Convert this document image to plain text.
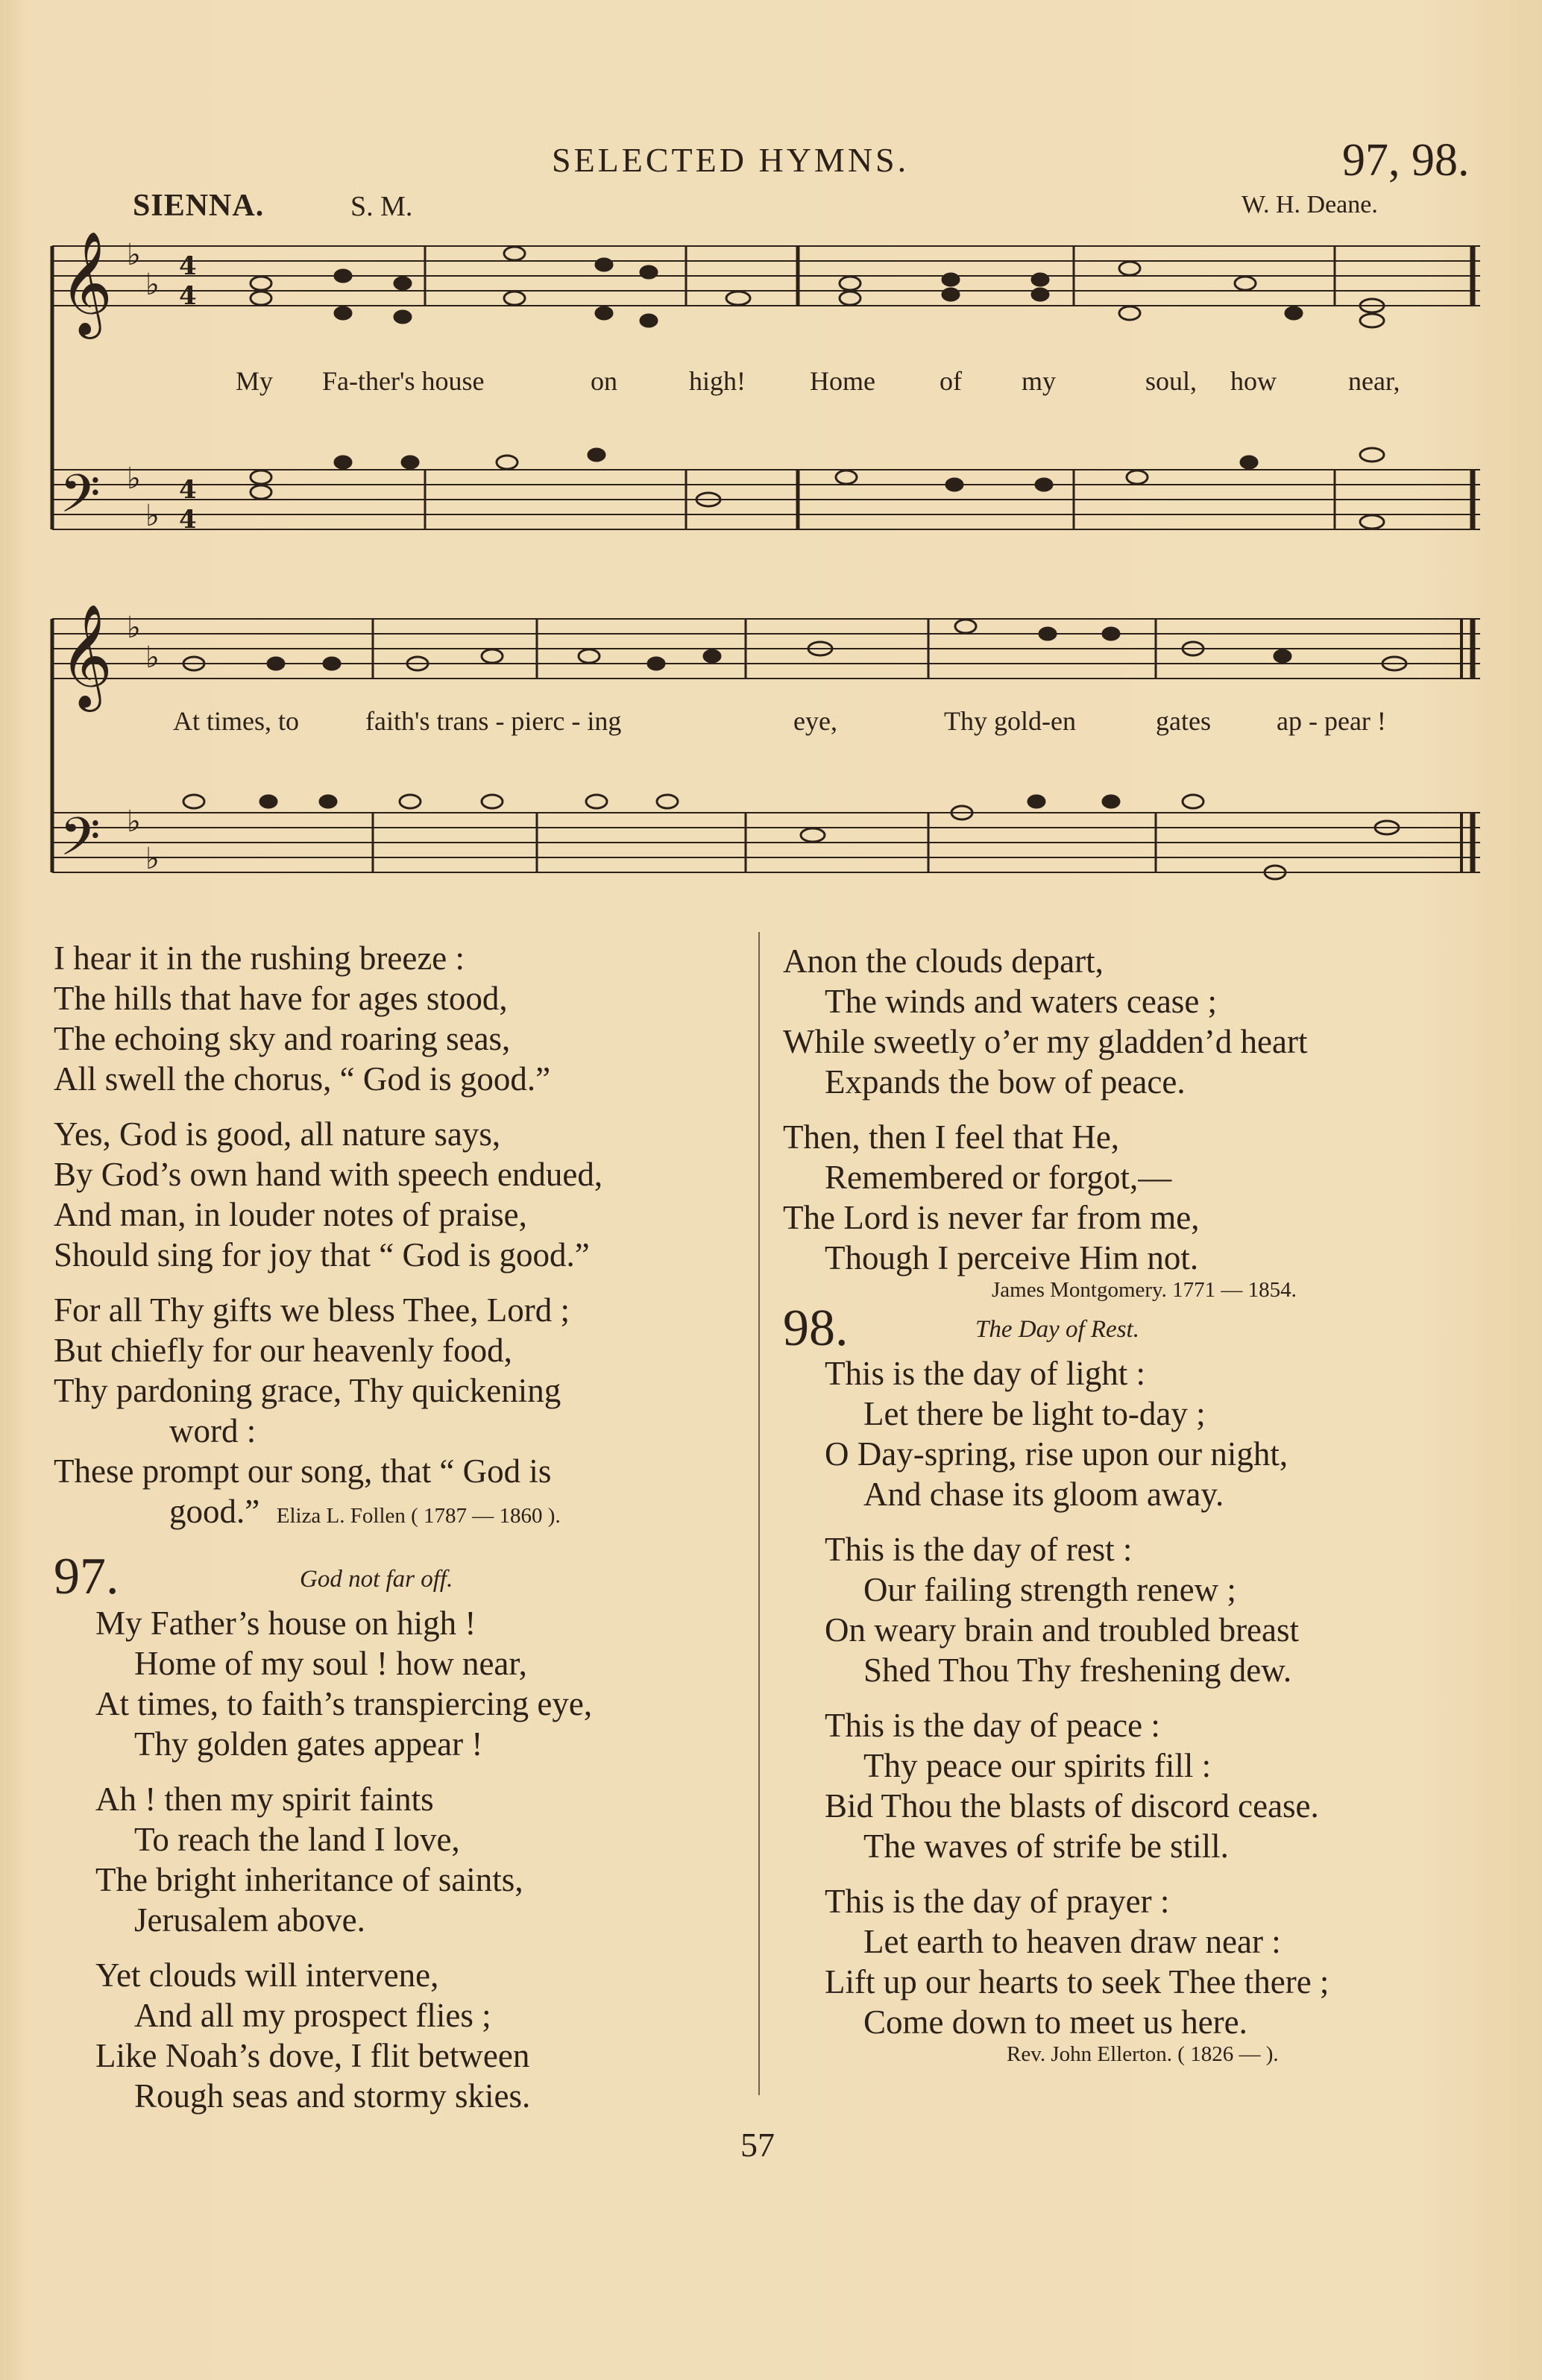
SELECTED HYMNS.	97, 98.
SIENNA.	S. M.	W. H. Deane.
𝄞
𝄢
𝄞
𝄢
♭
♭
♭
♭
♭
♭
♭
♭
4
4
4
4
My Fa-ther's house	on	high! Home of my	soul, how	near,
At times, to faith's trans - pierc - ing	eye,	Thy gold-en	gates ap - pear !
I hear it in the rushing breeze :
The hills that have for ages stood,
The echoing sky and roaring seas,
All swell the chorus, “ God is good.”
Yes, God is good, all nature says,
By God’s own hand with speech endued,
And man, in louder notes of praise,
Should sing for joy that “ God is good.”
For all Thy gifts we bless Thee, Lord ;
But chiefly for our heavenly food,
Thy pardoning grace, Thy quickening
word :
These prompt our song, that “ God is
good.” Eliza L. Follen ( 1787 — 1860 ).
97.	God not far off.
My Father’s house on high !
Home of my soul ! how near,
At times, to faith’s transpiercing eye,
Thy golden gates appear !
Ah ! then my spirit faints
To reach the land I love,
The bright inheritance of saints,
Jerusalem above.
Yet clouds will intervene,
And all my prospect flies ;
Like Noah’s dove, I flit between
Rough seas and stormy skies.
Anon the clouds depart,
The winds and waters cease ;
While sweetly o’er my gladden’d heart
Expands the bow of peace.
Then, then I feel that He,
Remembered or forgot,—
The Lord is never far from me,
Though I perceive Him not.
James Montgomery. 1771 — 1854.
98.	The Day of Rest.
This is the day of light :
Let there be light to-day ;
O Day-spring, rise upon our night,
And chase its gloom away.
This is the day of rest :
Our failing strength renew ;
On weary brain and troubled breast
Shed Thou Thy freshening dew.
This is the day of peace :
Thy peace our spirits fill :
Bid Thou the blasts of discord cease.
The waves of strife be still.
This is the day of prayer :
Let earth to heaven draw near :
Lift up our hearts to seek Thee there ;
Come down to meet us here.
Rev. John Ellerton. ( 1826 — ).
57
